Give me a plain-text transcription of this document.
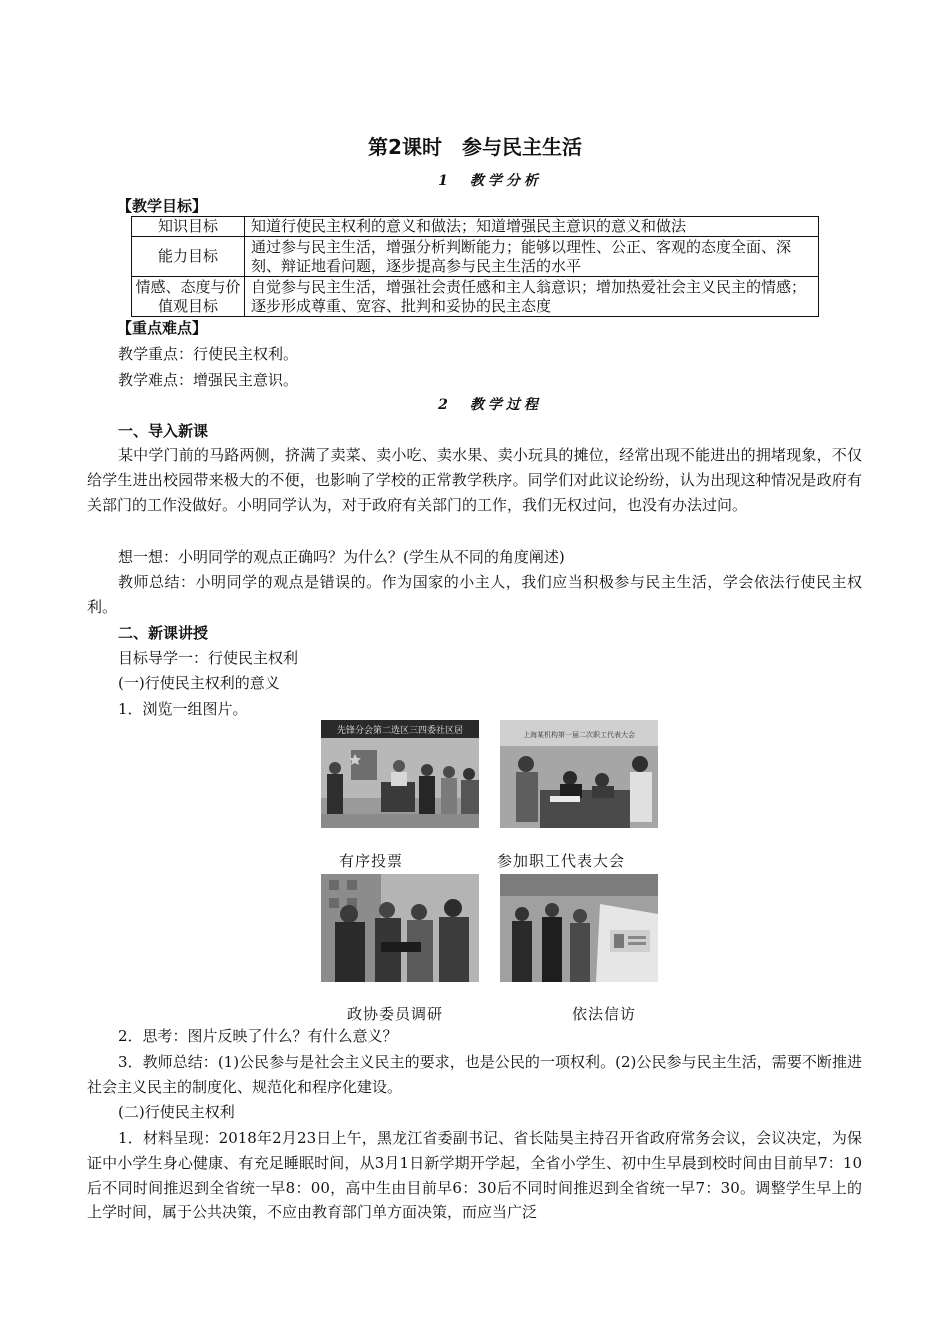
第2课时　参与民主生活
1 教学分析
【教学目标】
知识目标	知道行使民主权利的意义和做法；知道增强民主意识的意义和做法
能力目标	通过参与民主生活，增强分析判断能力；能够以理性、公正、客观的态度全面、深刻、辩证地看问题，逐步提高参与民主生活的水平
情感、态度与价值观目标	自觉参与民主生活，增强社会责任感和主人翁意识；增加热爱社会主义民主的情感；逐步形成尊重、宽容、批判和妥协的民主态度
【重点难点】
教学重点：行使民主权利。
教学难点：增强民主意识。
2 教学过程
一、导入新课
某中学门前的马路两侧，挤满了卖菜、卖小吃、卖水果、卖小玩具的摊位，经常出现不能进出的拥堵现象，不仅给学生进出校园带来极大的不便，也影响了学校的正常教学秩序。同学们对此议论纷纷，认为出现这种情况是政府有关部门的工作没做好。小明同学认为，对于政府有关部门的工作，我们无权过问，也没有办法过问。
想一想：小明同学的观点正确吗？为什么？(学生从不同的角度阐述)
教师总结：小明同学的观点是错误的。作为国家的小主人，我们应当积极参与民主生活，学会依法行使民主权利。
二、新课讲授
目标导学一：行使民主权利
(一)行使民主权利的意义
1．浏览一组图片。
先锋分会第二选区三四委社区居	上海某机构第一届二次职工代表大会
有序投票	参加职工代表大会
政协委员调研	依法信访
2．思考：图片反映了什么？有什么意义？
3．教师总结：(1)公民参与是社会主义民主的要求，也是公民的一项权利。(2)公民参与民主生活，需要不断推进社会主义民主的制度化、规范化和程序化建设。
(二)行使民主权利
1．材料呈现：2018年2月23日上午，黑龙江省委副书记、省长陆昊主持召开省政府常务会议，会议决定，为保证中小学生身心健康、有充足睡眠时间，从3月1日新学期开学起，全省小学生、初中生早晨到校时间由目前早7：10后不同时间推迟到全省统一早8：00，高中生由目前早6：30后不同时间推迟到全省统一早7：30。调整学生早上的上学时间，属于公共决策，不应由教育部门单方面决策，而应当广泛
